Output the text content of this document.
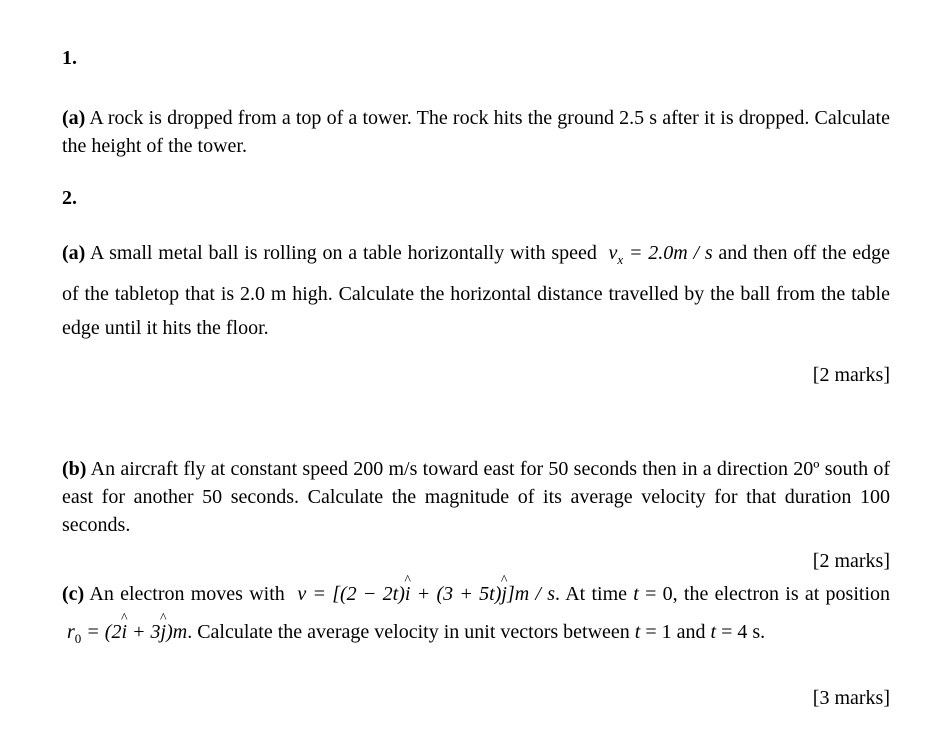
1.

(a) A rock is dropped from a top of a tower. The rock hits the ground 2.5 s after it is dropped. Calculate the height of the tower.

2.

(a) A small metal ball is rolling on a table horizontally with speed $v_x = 2.0m / s$ and then off the edge of the tabletop that is 2.0 m high. Calculate the horizontal distance travelled by the ball from the table edge until it hits the floor.

[2 marks]

(b) An aircraft fly at constant speed 200 m/s toward east for 50 seconds then in a direction 20º south of east for another 50 seconds. Calculate the magnitude of its average velocity for that duration 100 seconds.

[2 marks]

(c) An electron moves with v = [(2 − 2t)i ^ + (3 + 5t)j ^]m / s. At time t = 0, the electron is at position  $r_0 = (2i$ ^ + 3j ^)m. Calculate the average velocity in unit vectors between t = 1 and t = 4 s.

[3 marks]
